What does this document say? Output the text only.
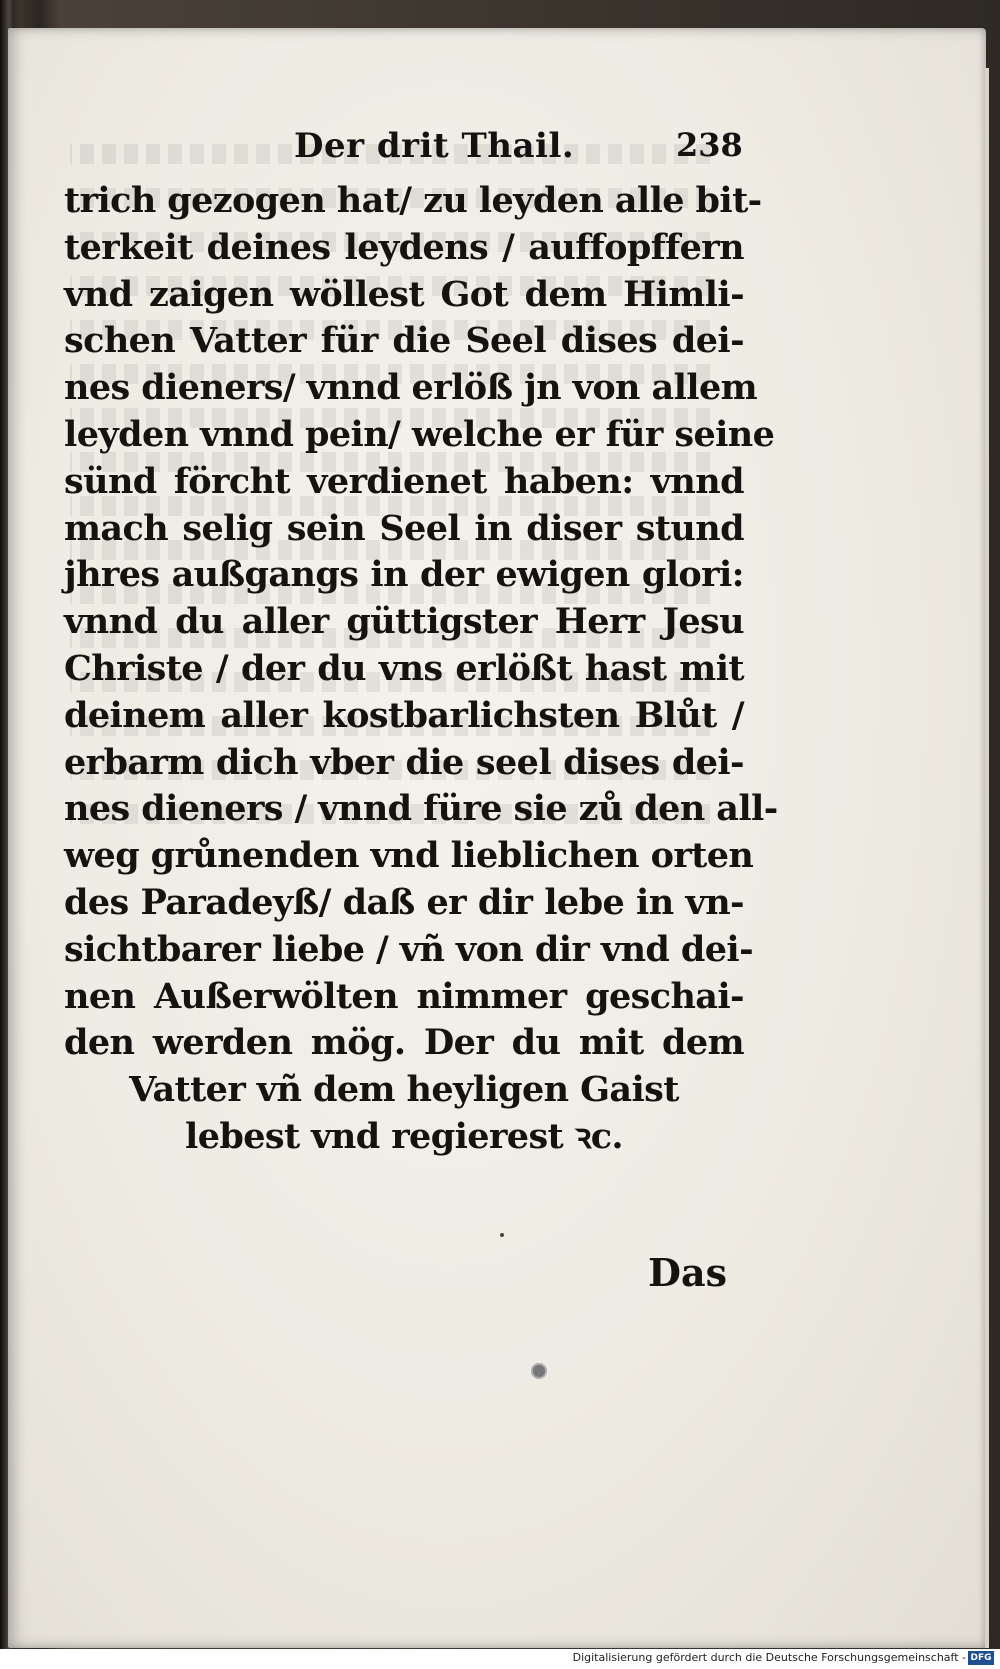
Der drit Thail.	238
trich gezogen hat/ zu leyden alle bit-
terkeit deines leydens / auffopffern
vnd zaigen wöllest Got dem Himli-
schen Vatter für die Seel dises dei-
nes dieners/ vnnd erlöß jn von allem
leyden vnnd pein/ welche er für seine
sünd förcht verdienet haben: vnnd
mach selig sein Seel in diser stund
jhres außgangs in der ewigen glori:
vnnd du aller güttigster Herr Jesu
Christe / der du vns erlößt hast mit
deinem aller kostbarlichsten Blůt /
erbarm dich vber die seel dises dei-
nes dieners / vnnd füre sie zů den all-
weg grůnenden vnd lieblichen orten
des Paradeyß/ daß er dir lebe in vn-
sichtbarer liebe / vñ von dir vnd dei-
nen Außerwölten nimmer geschai-
den werden mög. Der du mit dem
Vatter vñ dem heyligen Gaist
lebest vnd regierest ꝛc.
Das
Digitalisierung gefördert durch die Deutsche Forschungsgemeinschaft - DFG
